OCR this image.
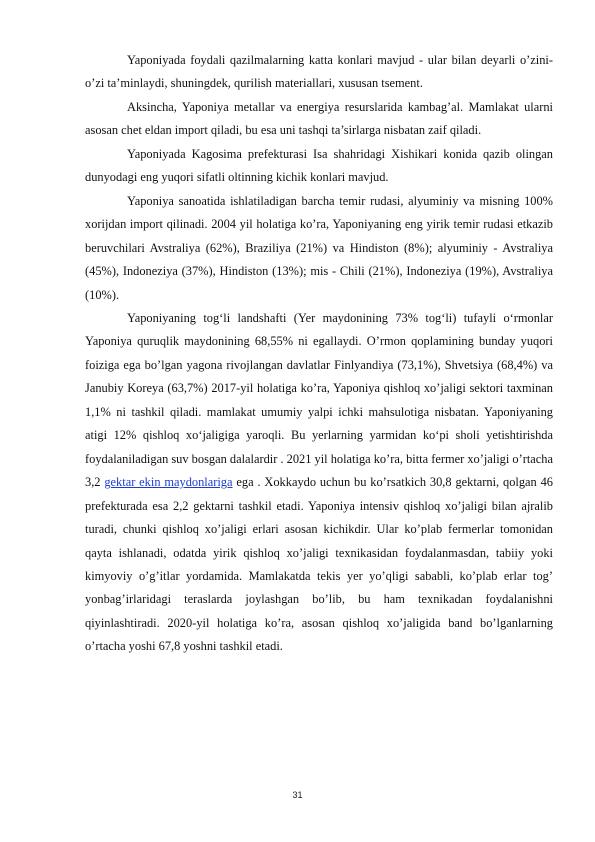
Yaponiyada foydali qazilmalarning katta konlari mavjud - ular bilan deyarli o’zini-o’zi ta’minlaydi, shuningdek, qurilish materiallari, xususan tsement.

Aksincha, Yaponiya metallar va energiya resurslarida kambag’al. Mamlakat ularni asosan chet eldan import qiladi, bu esa uni tashqi ta’sirlarga nisbatan zaif qiladi.

Yaponiyada Kagosima prefekturasi Isa shahridagi Xishikari konida qazib olingan dunyodagi eng yuqori sifatli oltinning kichik konlari mavjud.

Yaponiya sanoatida ishlatiladigan barcha temir rudasi, alyuminiy va misning 100% xorijdan import qilinadi. 2004 yil holatiga ko’ra, Yaponiyaning eng yirik temir rudasi etkazib beruvchilari Avstraliya (62%), Braziliya (21%) va Hindiston (8%); alyuminiy - Avstraliya (45%), Indoneziya (37%), Hindiston (13%); mis - Chili (21%), Indoneziya (19%), Avstraliya (10%).

Yaponiyaning tog‘li landshafti (Yer maydonining 73% tog‘li) tufayli o‘rmonlar Yaponiya quruqlik maydonining 68,55% ni egallaydi. O’rmon qoplamining bunday yuqori foiziga ega bo’lgan yagona rivojlangan davlatlar Finlyandiya (73,1%), Shvetsiya (68,4%) va Janubiy Koreya (63,7%) 2017-yil holatiga ko’ra, Yaponiya qishloq xo’jaligi sektori taxminan 1,1% ni tashkil qiladi. mamlakat umumiy yalpi ichki mahsulotiga nisbatan. Yaponiyaning atigi 12% qishloq xo‘jaligiga yaroqli. Bu yerlarning yarmidan ko‘pi sholi yetishtirishda foydalaniladigan suv bosgan dalalardir . 2021 yil holatiga ko’ra, bitta fermer xo’jaligi o’rtacha 3,2 gektar ekin maydonlariga ega . Xokkaydo uchun bu ko’rsatkich 30,8 gektarni, qolgan 46 prefekturada esa 2,2 gektarni tashkil etadi. Yaponiya intensiv qishloq xo’jaligi bilan ajralib turadi, chunki qishloq xo’jaligi erlari asosan kichikdir. Ular ko’plab fermerlar tomonidan qayta ishlanadi, odatda yirik qishloq xo’jaligi texnikasidan foydalanmasdan, tabiiy yoki kimyoviy o’g’itlar yordamida. Mamlakatda tekis yer yo’qligi sababli, ko’plab erlar tog’ yonbag’irlaridagi teraslarda joylashgan bo’lib, bu ham texnikadan foydalanishni qiyinlashtiradi. 2020-yil holatiga ko’ra, asosan qishloq xo’jaligida band bo’lganlarning o’rtacha yoshi 67,8 yoshni tashkil etadi.

31
